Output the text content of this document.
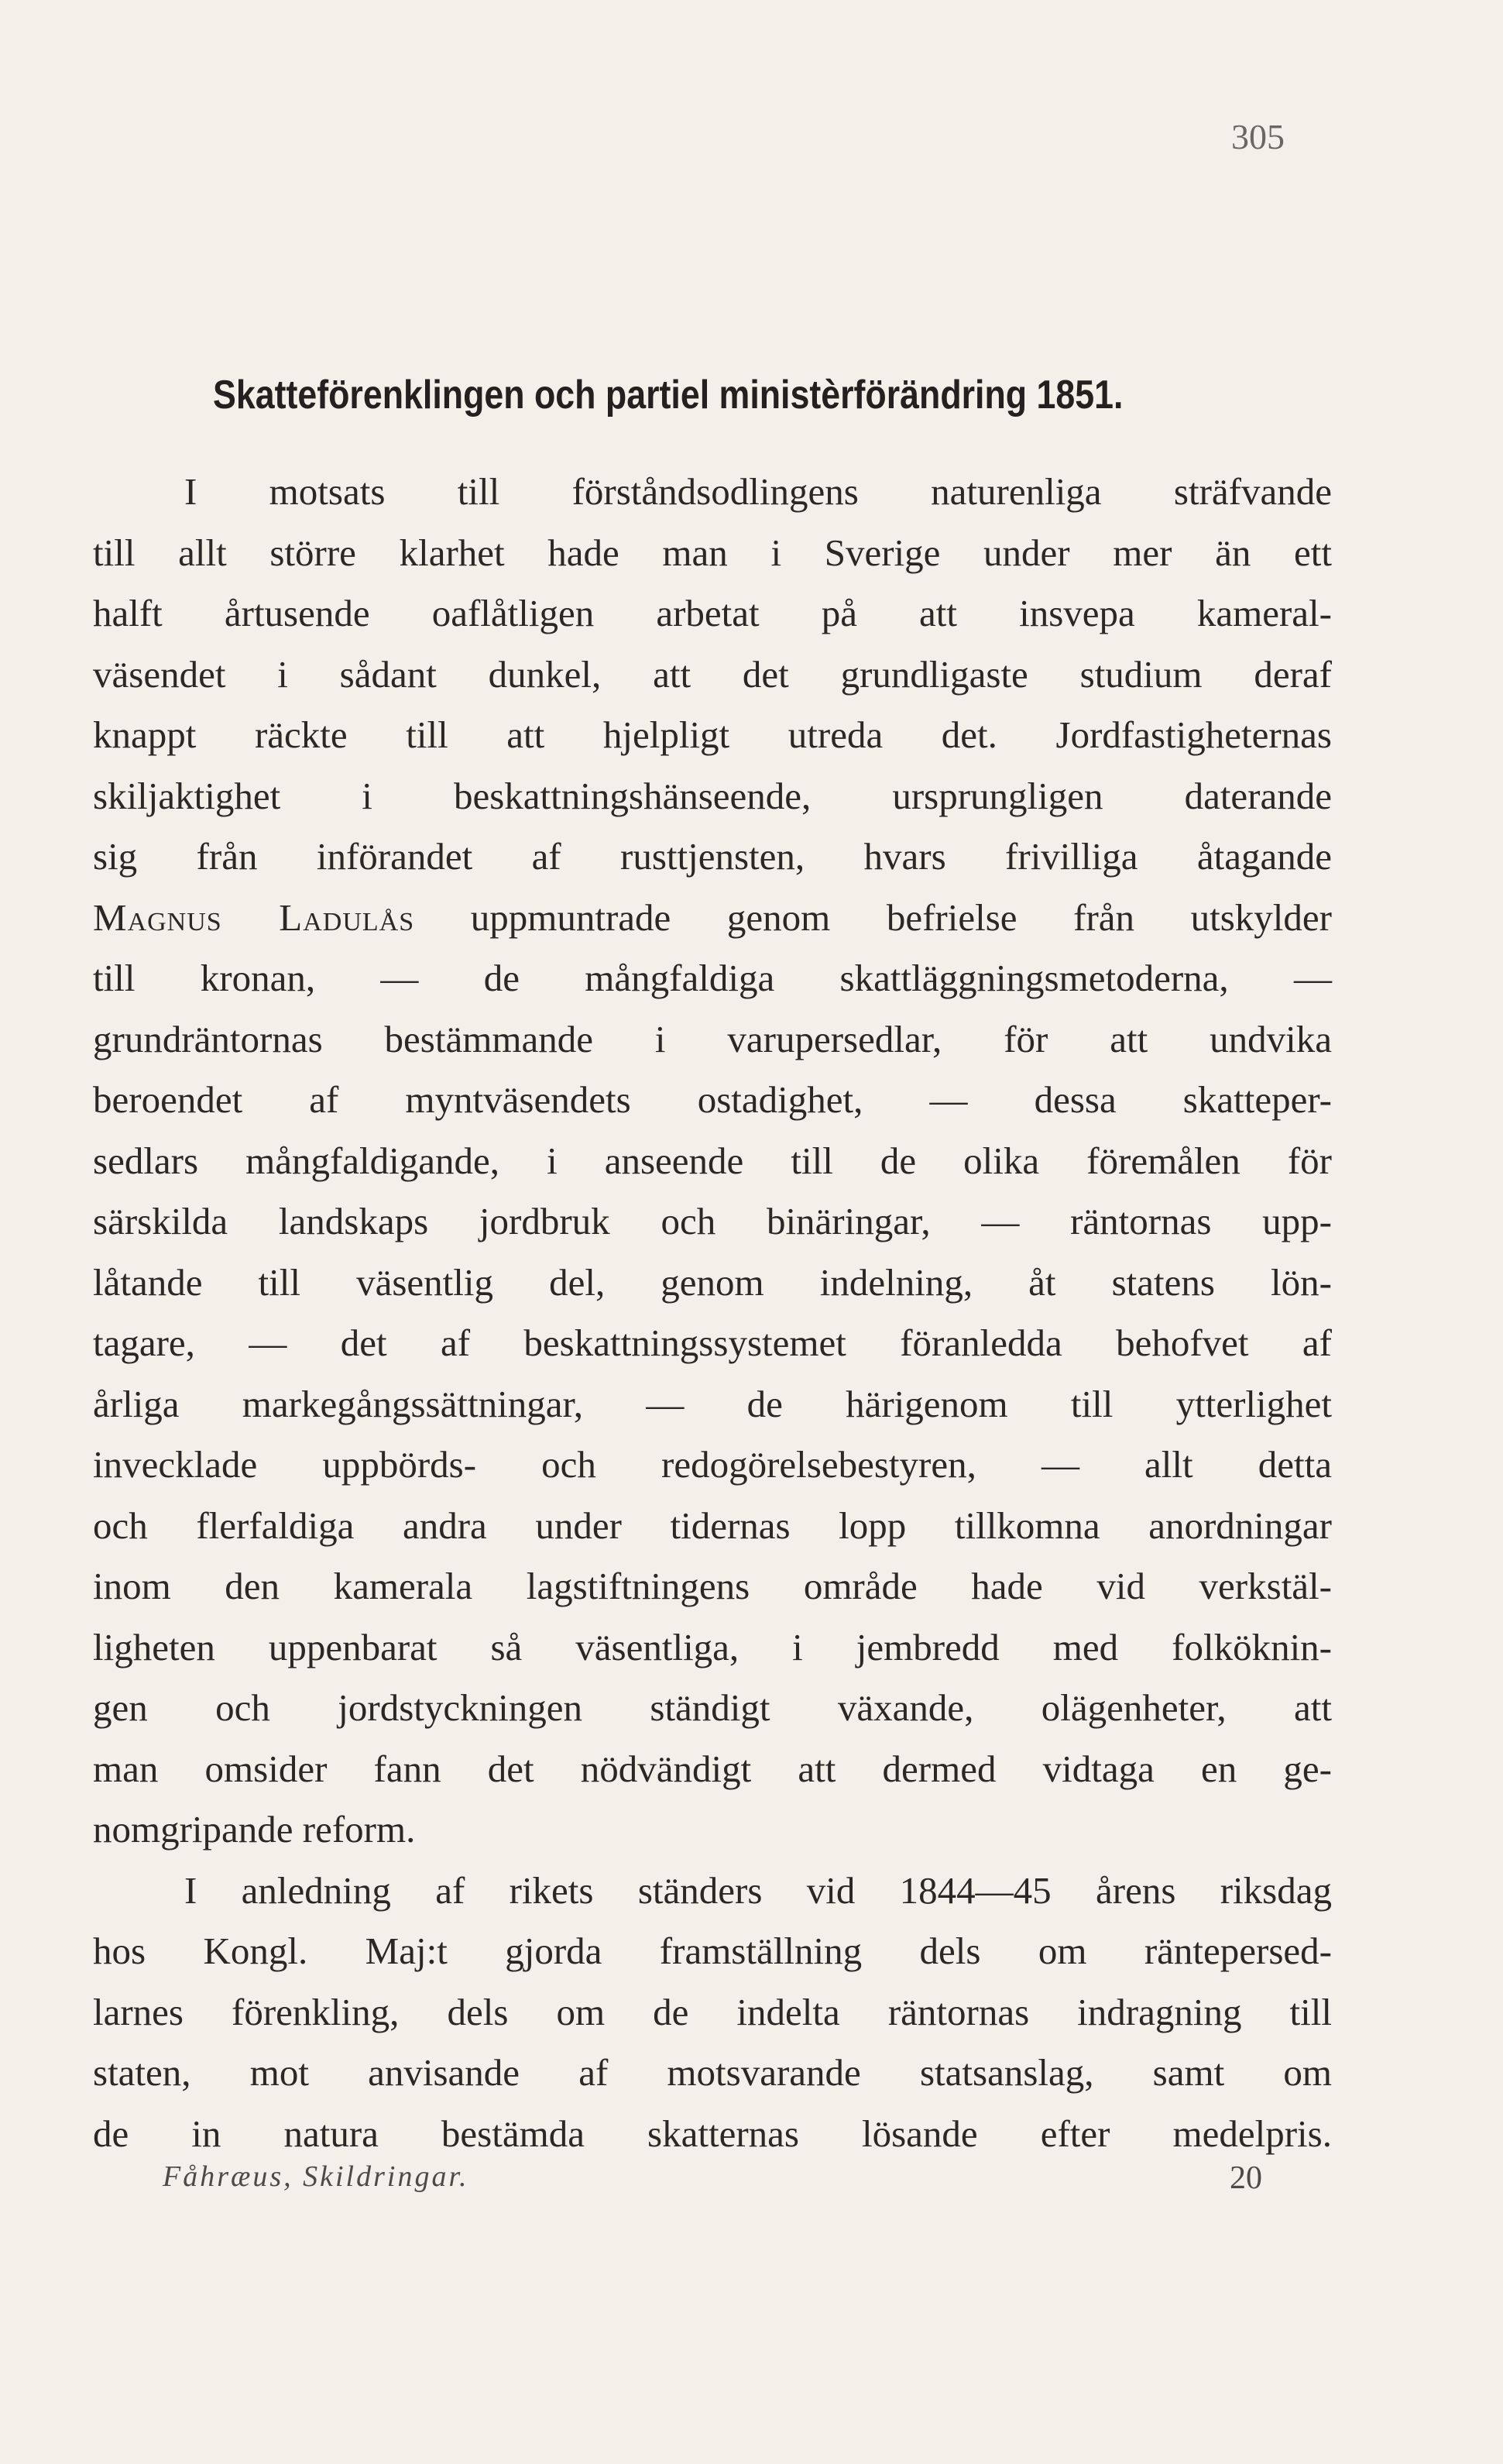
305
Skatteförenklingen och partiel ministèrförändring 1851.
I motsats till förståndsodlingens naturenliga sträfvande
till allt större klarhet hade man i Sverige under mer än ett
halft årtusende oaflåtligen arbetat på att insvepa kameral-
väsendet i sådant dunkel, att det grundligaste studium deraf
knappt räckte till att hjelpligt utreda det. Jordfastigheternas
skiljaktighet i beskattningshänseende, ursprungligen daterande
sig från införandet af rusttjensten, hvars frivilliga åtagande
Magnus Ladulås uppmuntrade genom befrielse från utskylder
till kronan, — de mångfaldiga skattläggningsmetoderna, —
grundräntornas bestämmande i varupersedlar, för att undvika
beroendet af myntväsendets ostadighet, — dessa skatteper-
sedlars mångfaldigande, i anseende till de olika föremålen för
särskilda landskaps jordbruk och binäringar, — räntornas upp-
låtande till väsentlig del, genom indelning, åt statens lön-
tagare, — det af beskattningssystemet föranledda behofvet af
årliga markegångssättningar, — de härigenom till ytterlighet
invecklade uppbörds- och redogörelsebestyren, — allt detta
och flerfaldiga andra under tidernas lopp tillkomna anordningar
inom den kamerala lagstiftningens område hade vid verkstäl-
ligheten uppenbarat så väsentliga, i jembredd med folköknin-
gen och jordstyckningen ständigt växande, olägenheter, att
man omsider fann det nödvändigt att dermed vidtaga en ge-
nomgripande reform.
I anledning af rikets ständers vid 1844—45 årens riksdag
hos Kongl. Maj:t gjorda framställning dels om räntepersed-
larnes förenkling, dels om de indelta räntornas indragning till
staten, mot anvisande af motsvarande statsanslag, samt om
de in natura bestämda skatternas lösande efter medelpris.
Fåhræus, Skildringar.	20
